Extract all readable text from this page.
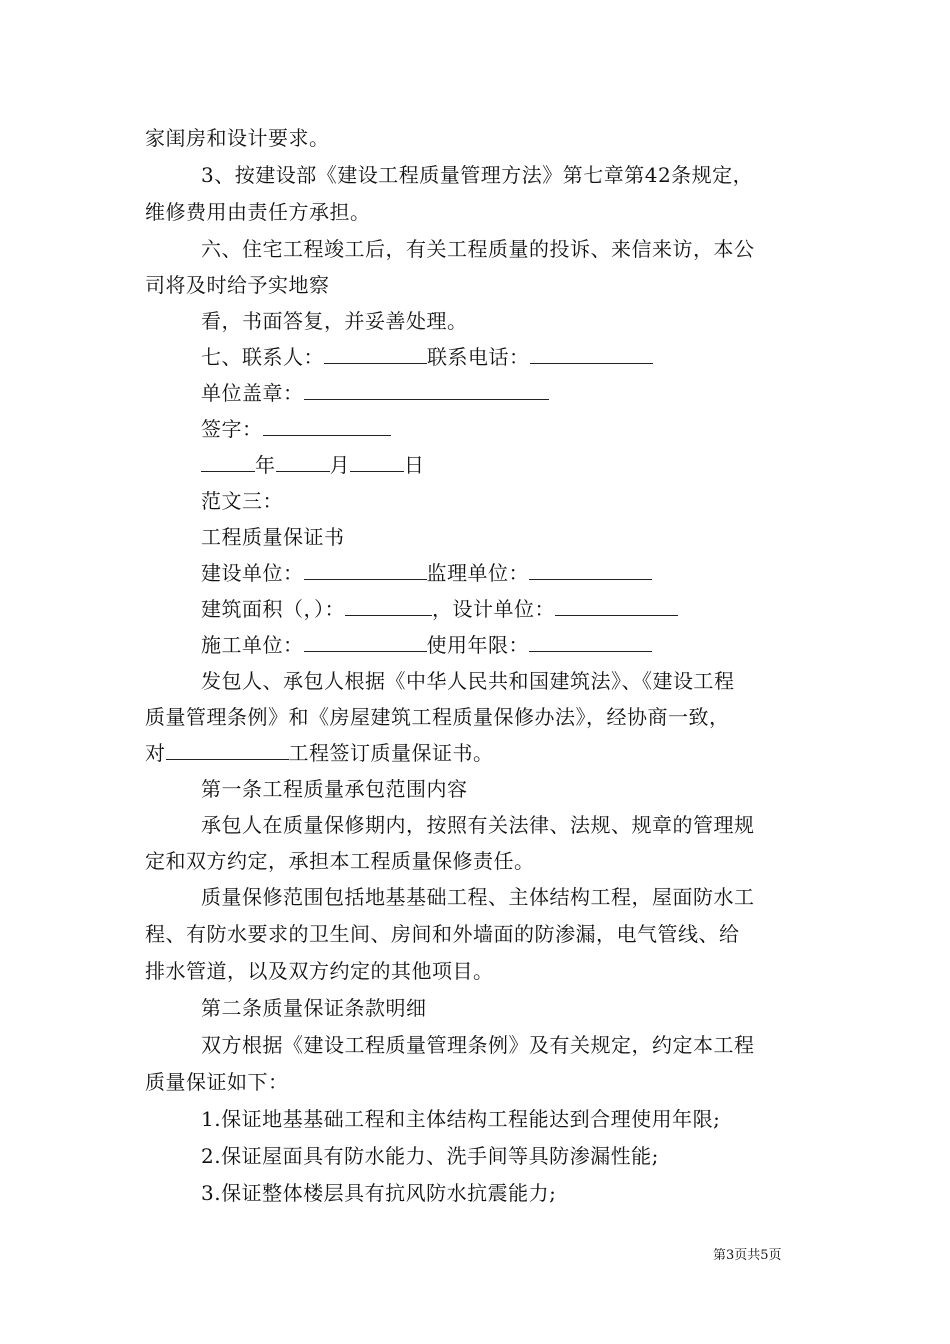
家闺房和设计要求。
3、按建设部《建设工程质量管理方法》第七章第42条规定，
维修费用由责任方承担。
六、住宅工程竣工后，有关工程质量的投诉、来信来访，本公
司将及时给予实地察
看，书面答复，并妥善处理。
七、联系人：	联系电话：
单位盖章：
签字：
年	月	日
范文三：
工程质量保证书
建设单位：	监理单位：
建筑面积（，）：	，设计单位：
施工单位：	使用年限：
发包人、承包人根据《中华人民共和国建筑法》、《建设工程
质量管理条例》和《房屋建筑工程质量保修办法》，经协商一致，
对	工程签订质量保证书。
第一条工程质量承包范围内容
承包人在质量保修期内，按照有关法律、法规、规章的管理规
定和双方约定，承担本工程质量保修责任。
质量保修范围包括地基基础工程、主体结构工程，屋面防水工
程、有防水要求的卫生间、房间和外墙面的防渗漏，电气管线、给
排水管道，以及双方约定的其他项目。
第二条质量保证条款明细
双方根据《建设工程质量管理条例》及有关规定，约定本工程
质量保证如下：
1.保证地基基础工程和主体结构工程能达到合理使用年限;
2.保证屋面具有防水能力、洗手间等具防渗漏性能;
3.保证整体楼层具有抗风防水抗震能力;
第3页共5页
